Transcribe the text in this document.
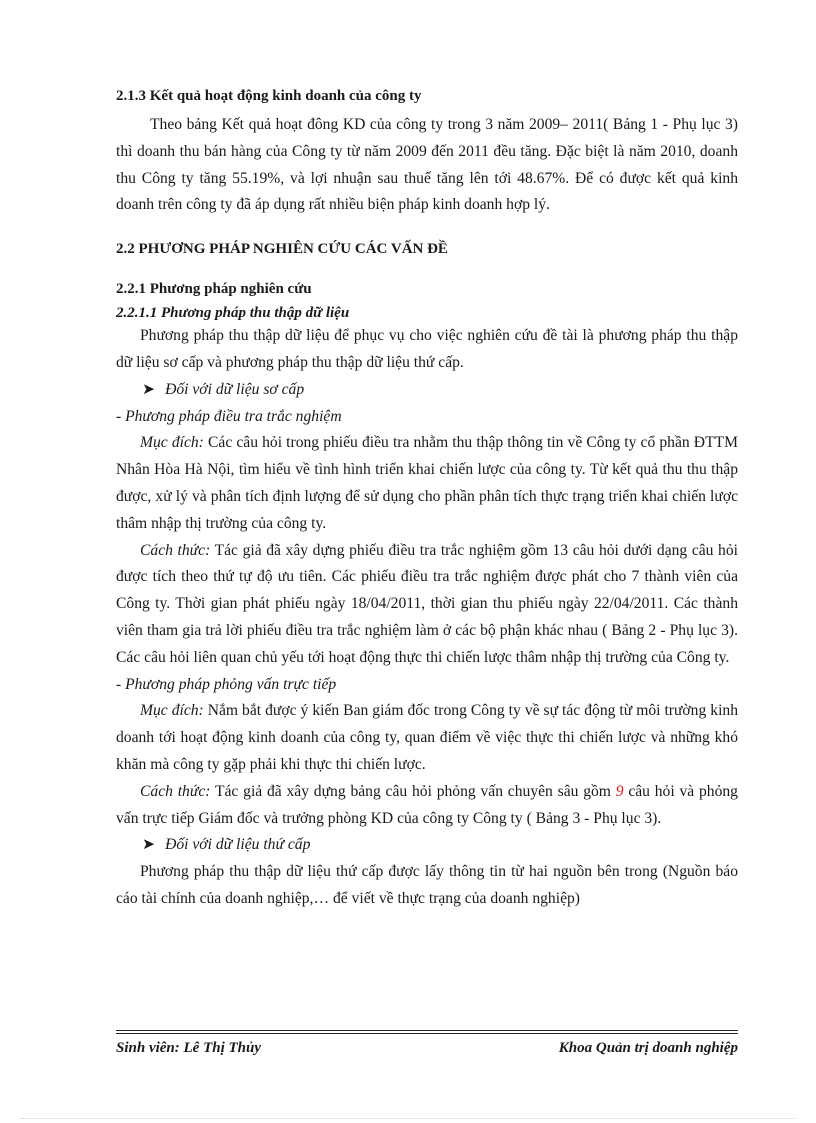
2.1.3 Kết quả hoạt động kinh doanh của công ty

Theo bảng Kết quả hoạt đông KD của công ty trong 3 năm 2009– 2011( Bảng 1 - Phụ lục 3) thì doanh thu bán hàng của Công ty từ năm 2009 đến 2011 đều tăng. Đặc biệt là năm 2010, doanh thu Công ty tăng 55.19%, và lợi nhuận sau thuế tăng lên tới 48.67%. Để có được kết quả kinh doanh trên công ty đã áp dụng rất nhiều biện pháp kinh doanh hợp lý.

2.2 PHƯƠNG PHÁP NGHIÊN CỨU CÁC VẤN ĐỀ

2.2.1 Phương pháp nghiên cứu

2.2.1.1 Phương pháp thu thập dữ liệu

Phương pháp thu thập dữ liệu để phục vụ cho việc nghiên cứu đề tài là phương pháp thu thập dữ liệu sơ cấp và phương pháp thu thập dữ liệu thứ cấp.

➤ Đối với dữ liệu sơ cấp

- Phương pháp điều tra trắc nghiệm

Mục đích: Các câu hỏi trong phiếu điều tra nhằm thu thập thông tin về Công ty cổ phần ĐTTM Nhân Hòa Hà Nội, tìm hiểu về tình hình triển khai chiến lược của công ty. Từ kết quả thu thu thập được, xử lý và phân tích định lượng để sử dụng cho phần phân tích thực trạng triển khai chiến lược thâm nhập thị trường của công ty.

Cách thức: Tác giả đã xây dựng phiếu điều tra trắc nghiệm gồm 13 câu hỏi dưới dạng câu hỏi được tích theo thứ tự độ ưu tiên. Các phiếu điều tra trắc nghiệm được phát cho 7 thành viên của Công ty. Thời gian phát phiếu ngày 18/04/2011, thời gian thu phiếu ngày 22/04/2011. Các thành viên tham gia trả lời phiếu điều tra trắc nghiệm làm ở các bộ phận khác nhau ( Bảng 2 - Phụ lục 3). Các câu hỏi liên quan chủ yếu tới hoạt động thực thi chiến lược thâm nhập thị trường của Công ty.

- Phương pháp phỏng vấn trực tiếp

Mục đích: Nắm bắt được ý kiến Ban giám đốc trong Công ty về sự tác động từ môi trường kinh doanh tới hoạt động kinh doanh của công ty, quan điểm về việc thực thi chiến lược và những khó khăn mà công ty gặp phải khi thực thi chiến lược.

Cách thức: Tác giả đã xây dựng bảng câu hỏi phỏng vấn chuyên sâu gồm 9 câu hỏi và phỏng vấn trực tiếp Giám đốc và trưởng phòng KD của công ty Công ty ( Bảng 3 - Phụ lục 3).

➤ Đối với dữ liệu thứ cấp

Phương pháp thu thập dữ liệu thứ cấp được lấy thông tin từ hai nguồn bên trong (Nguồn báo cáo tài chính của doanh nghiệp,… để viết về thực trạng của doanh nghiệp)

Sinh viên: Lê Thị Thủy	Khoa Quản trị doanh nghiệp
